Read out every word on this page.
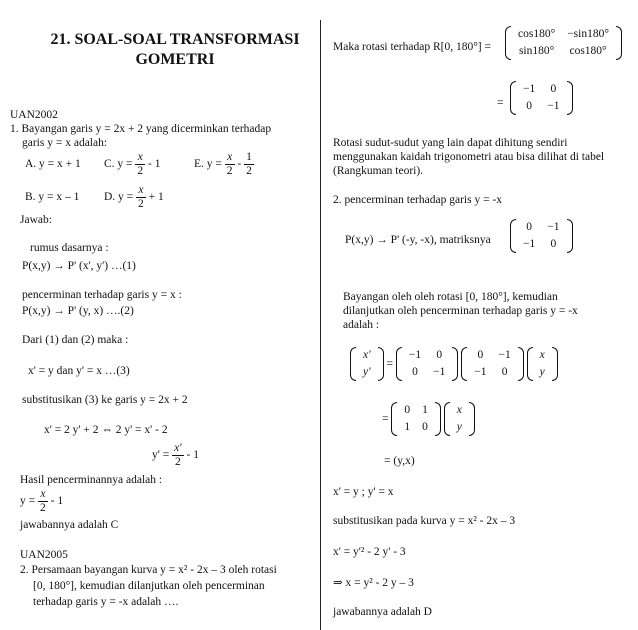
21. SOAL-SOAL TRANSFORMASI GOMETRI
UAN2002
1. Bayangan garis y = 2x + 2 yang dicerminkan terhadap
garis y = x adalah:
A. y = x + 1 C. $y = \frac{x}{2} - 1$	E. $y = \frac{x}{2} - \frac{1}{2}$
B. y = x – 1 D. $y = \frac{x}{2} + 1$
Jawab:
rumus dasarnya :
P(x,y) → P' (x', y') …(1)
pencerminan terhadap garis y = x :
P(x,y) → P' (y, x) ….(2)
Dari (1) dan (2) maka :
x' = y dan y' = x …(3)
substitusikan (3) ke garis y = 2x + 2
x' = 2 y' + 2 ⇔ 2 y' = x' - 2
$y' = \frac{x'}{2} - 1$
Hasil pencerminannya adalah :
$y = \frac{x}{2} - 1$
jawabannya adalah C
UAN2005
2. Persamaan bayangan kurva y = x² - 2x – 3 oleh rotasi
[0, 180°], kemudian dilanjutkan oleh pencerminan
terhadap garis y = -x adalah ….
Maka rotasi terhadap R[0, 180°] =
cos180°	−sin180°
sin180°	cos180°
=
−1	0
0	−1
Rotasi sudut-sudut yang lain dapat dihitung sendiri
menggunakan kaidah trigonometri atau bisa dilihat di tabel
(Rangkuman teori).
2. pencerminan terhadap garis y = -x
P(x,y) → P' (-y, -x), matriksnya
0	−1
−1	0
Bayangan oleh oleh rotasi [0, 180°], kemudian
dilanjutkan oleh pencerminan terhadap garis y = -x
adalah :
x'
y'
=
−1	0
0	−1

0	−1
−1	0

x
y
=
0	1
1	0

x
y
= (y,x)
x' = y ; y' = x
substitusikan pada kurva y = x² - 2x – 3
x' = y'² - 2 y' - 3
⇒ x = y² - 2 y – 3
jawabannya adalah D
